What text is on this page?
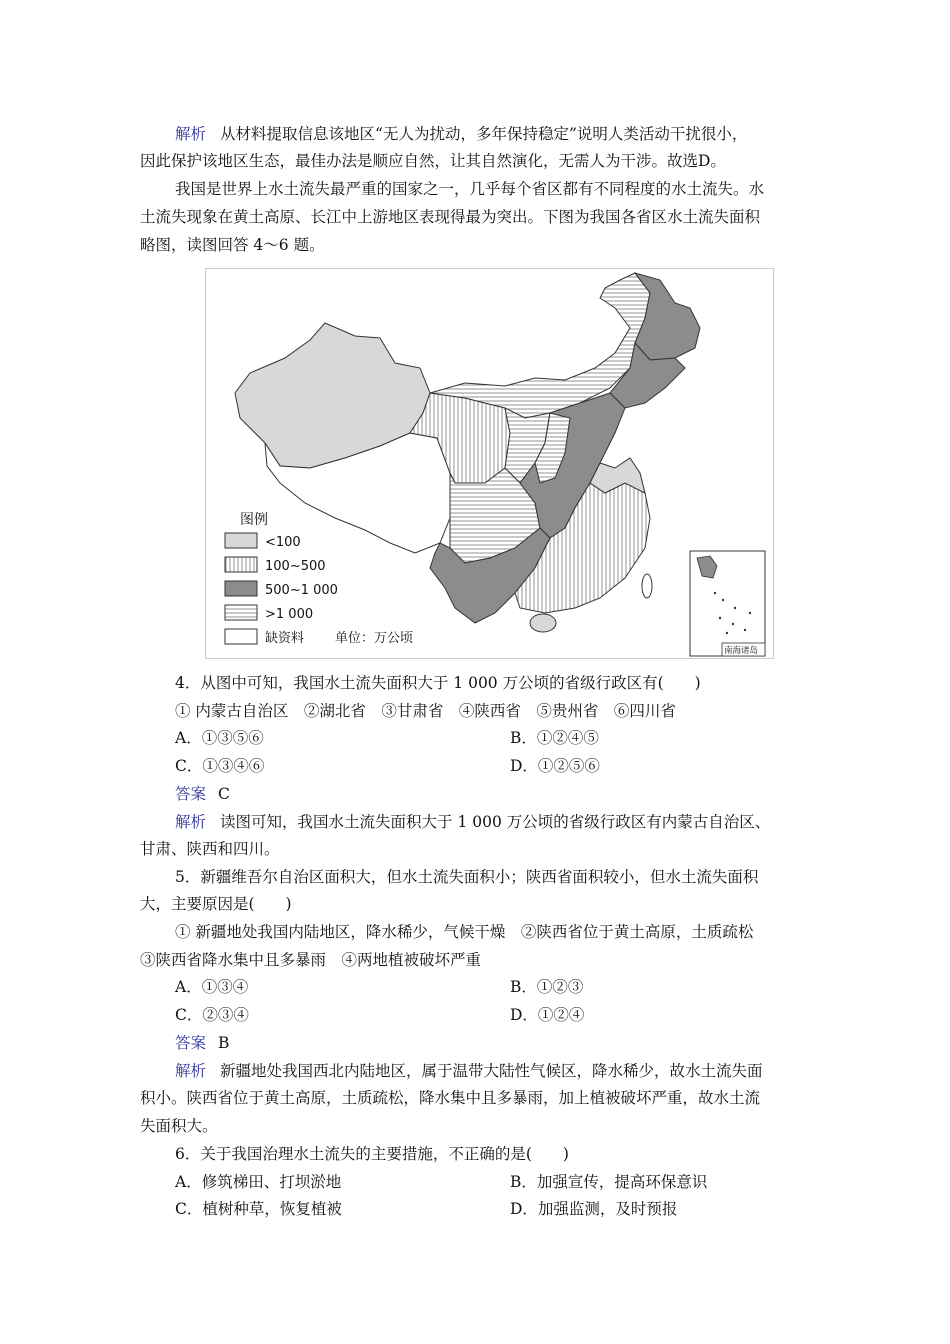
解析 从材料提取信息该地区“无人为扰动，多年保持稳定”说明人类活动干扰很小，
因此保护该地区生态，最佳办法是顺应自然，让其自然演化，无需人为干涉。故选D。
我国是世界上水土流失最严重的国家之一，几乎每个省区都有不同程度的水土流失。水
土流失现象在黄土高原、长江中上游地区表现得最为突出。下图为我国各省区水土流失面积
略图，读图回答 4～6 题。
图例
<100
100~500
500~1 000
>1 000
缺资料 单位：万公顷
南海诸岛
4．从图中可知，我国水土流失面积大于 1 000 万公顷的省级行政区有(　　)
① 内蒙古自治区　②湖北省　③甘肃省　④陕西省　⑤贵州省　⑥四川省
A．①③⑤⑥	B．①②④⑤
C．①③④⑥	D．①②⑤⑥
答案 C
解析 读图可知，我国水土流失面积大于 1 000 万公顷的省级行政区有内蒙古自治区、
甘肃、陕西和四川。
5．新疆维吾尔自治区面积大，但水土流失面积小；陕西省面积较小，但水土流失面积
大，主要原因是(　　)
① 新疆地处我国内陆地区，降水稀少，气候干燥　②陕西省位于黄土高原，土质疏松
③陕西省降水集中且多暴雨　④两地植被破坏严重
A．①③④	B．①②③
C．②③④	D．①②④
答案 B
解析 新疆地处我国西北内陆地区，属于温带大陆性气候区，降水稀少，故水土流失面
积小。陕西省位于黄土高原，土质疏松，降水集中且多暴雨，加上植被破坏严重，故水土流
失面积大。
6．关于我国治理水土流失的主要措施，不正确的是(　　)
A．修筑梯田、打坝淤地	B．加强宣传，提高环保意识
C．植树种草，恢复植被	D．加强监测，及时预报
